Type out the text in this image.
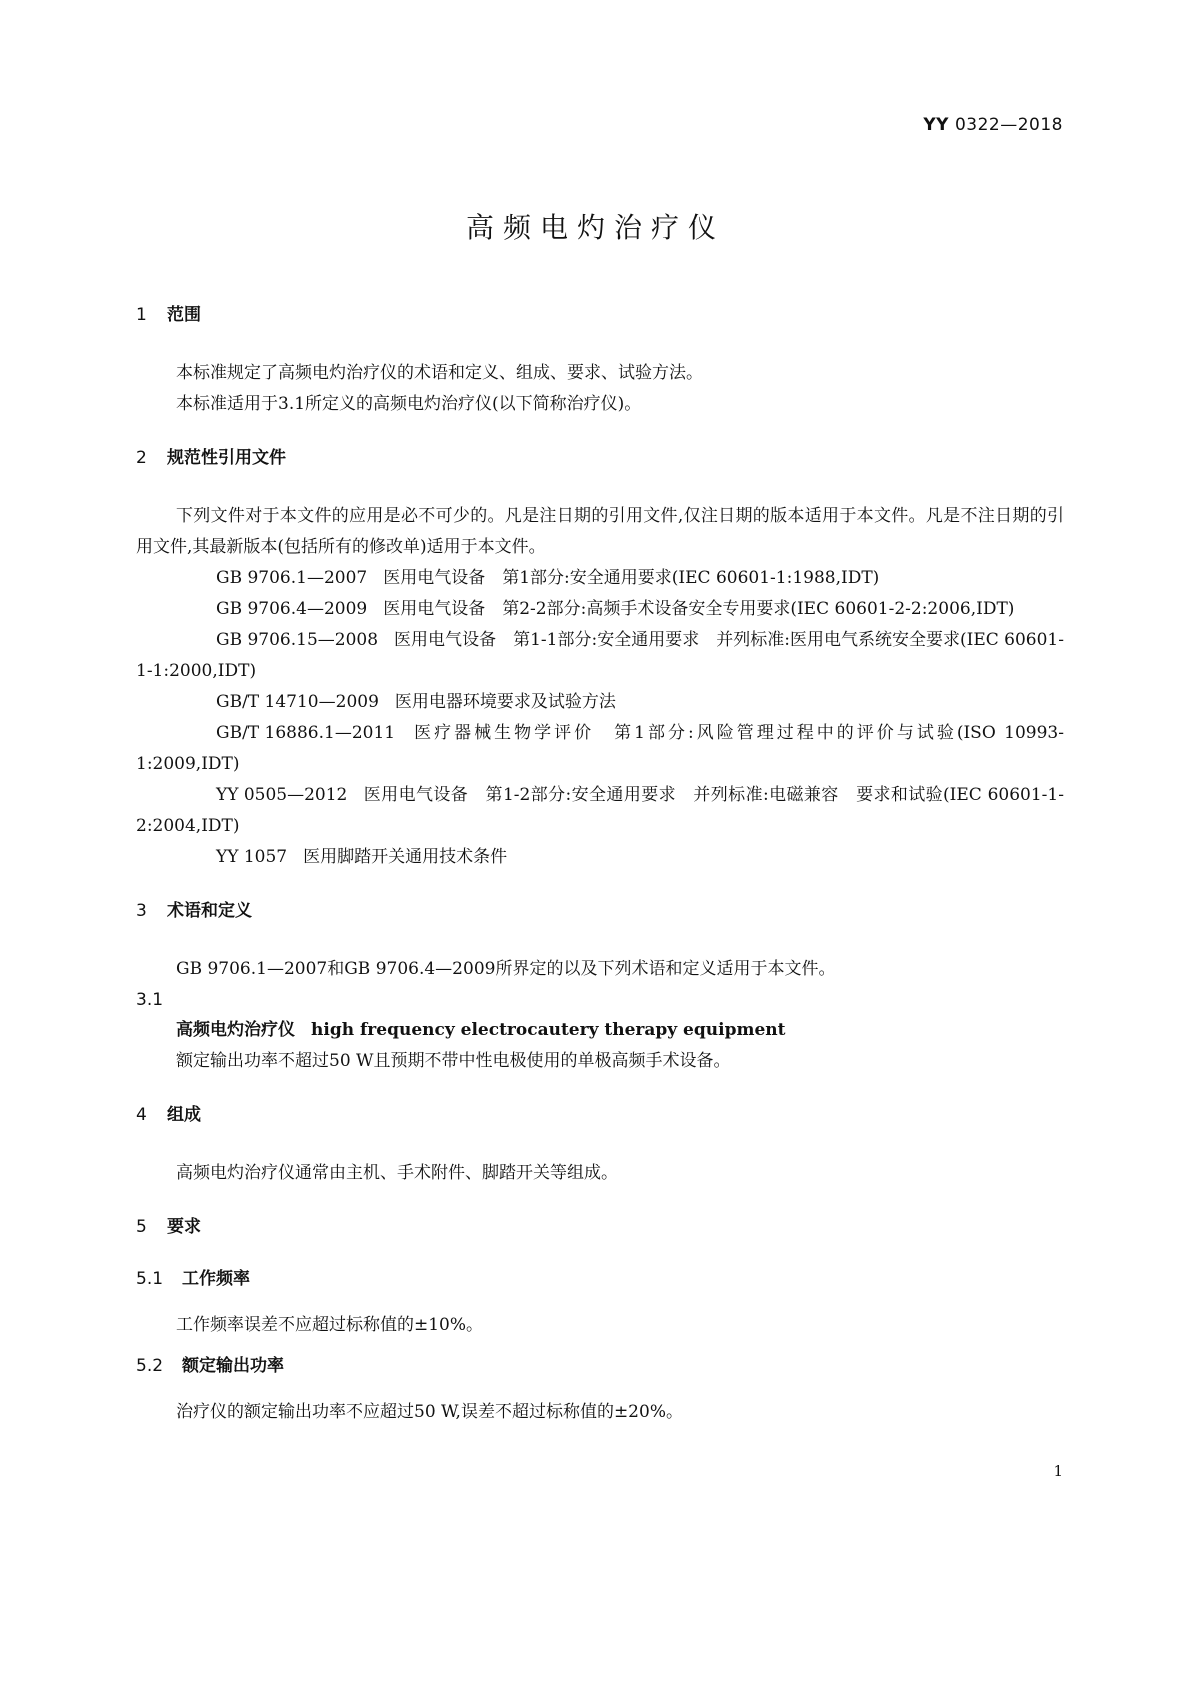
YY 0322—2018
高频电灼治疗仪
1 范围
本标准规定了高频电灼治疗仪的术语和定义、组成、要求、试验方法。
本标准适用于3.1所定义的高频电灼治疗仪(以下简称治疗仪)。
2 规范性引用文件
下列文件对于本文件的应用是必不可少的。凡是注日期的引用文件,仅注日期的版本适用于本文件。凡是不注日期的引用文件,其最新版本(包括所有的修改单)适用于本文件。
GB 9706.1—2007 医用电气设备　第1部分:安全通用要求(IEC 60601-1:1988,IDT)
GB 9706.4—2009 医用电气设备　第2-2部分:高频手术设备安全专用要求(IEC 60601-2-2:2006,IDT)
GB 9706.15—2008 医用电气设备　第1-1部分:安全通用要求　并列标准:医用电气系统安全要求(IEC 60601-1-1:2000,IDT)
GB/T 14710—2009 医用电器环境要求及试验方法
GB/T 16886.1—2011 医疗器械生物学评价　第1部分:风险管理过程中的评价与试验(ISO 10993-1:2009,IDT)
YY 0505—2012 医用电气设备　第1-2部分:安全通用要求　并列标准:电磁兼容　要求和试验(IEC 60601-1-2:2004,IDT)
YY 1057 医用脚踏开关通用技术条件
3 术语和定义
GB 9706.1—2007和GB 9706.4—2009所界定的以及下列术语和定义适用于本文件。
3.1
高频电灼治疗仪 high frequency electrocautery therapy equipment
额定输出功率不超过50 W且预期不带中性电极使用的单极高频手术设备。
4 组成
高频电灼治疗仪通常由主机、手术附件、脚踏开关等组成。
5 要求
5.1 工作频率
工作频率误差不应超过标称值的±10%。
5.2 额定输出功率
治疗仪的额定输出功率不应超过50 W,误差不超过标称值的±20%。
1
